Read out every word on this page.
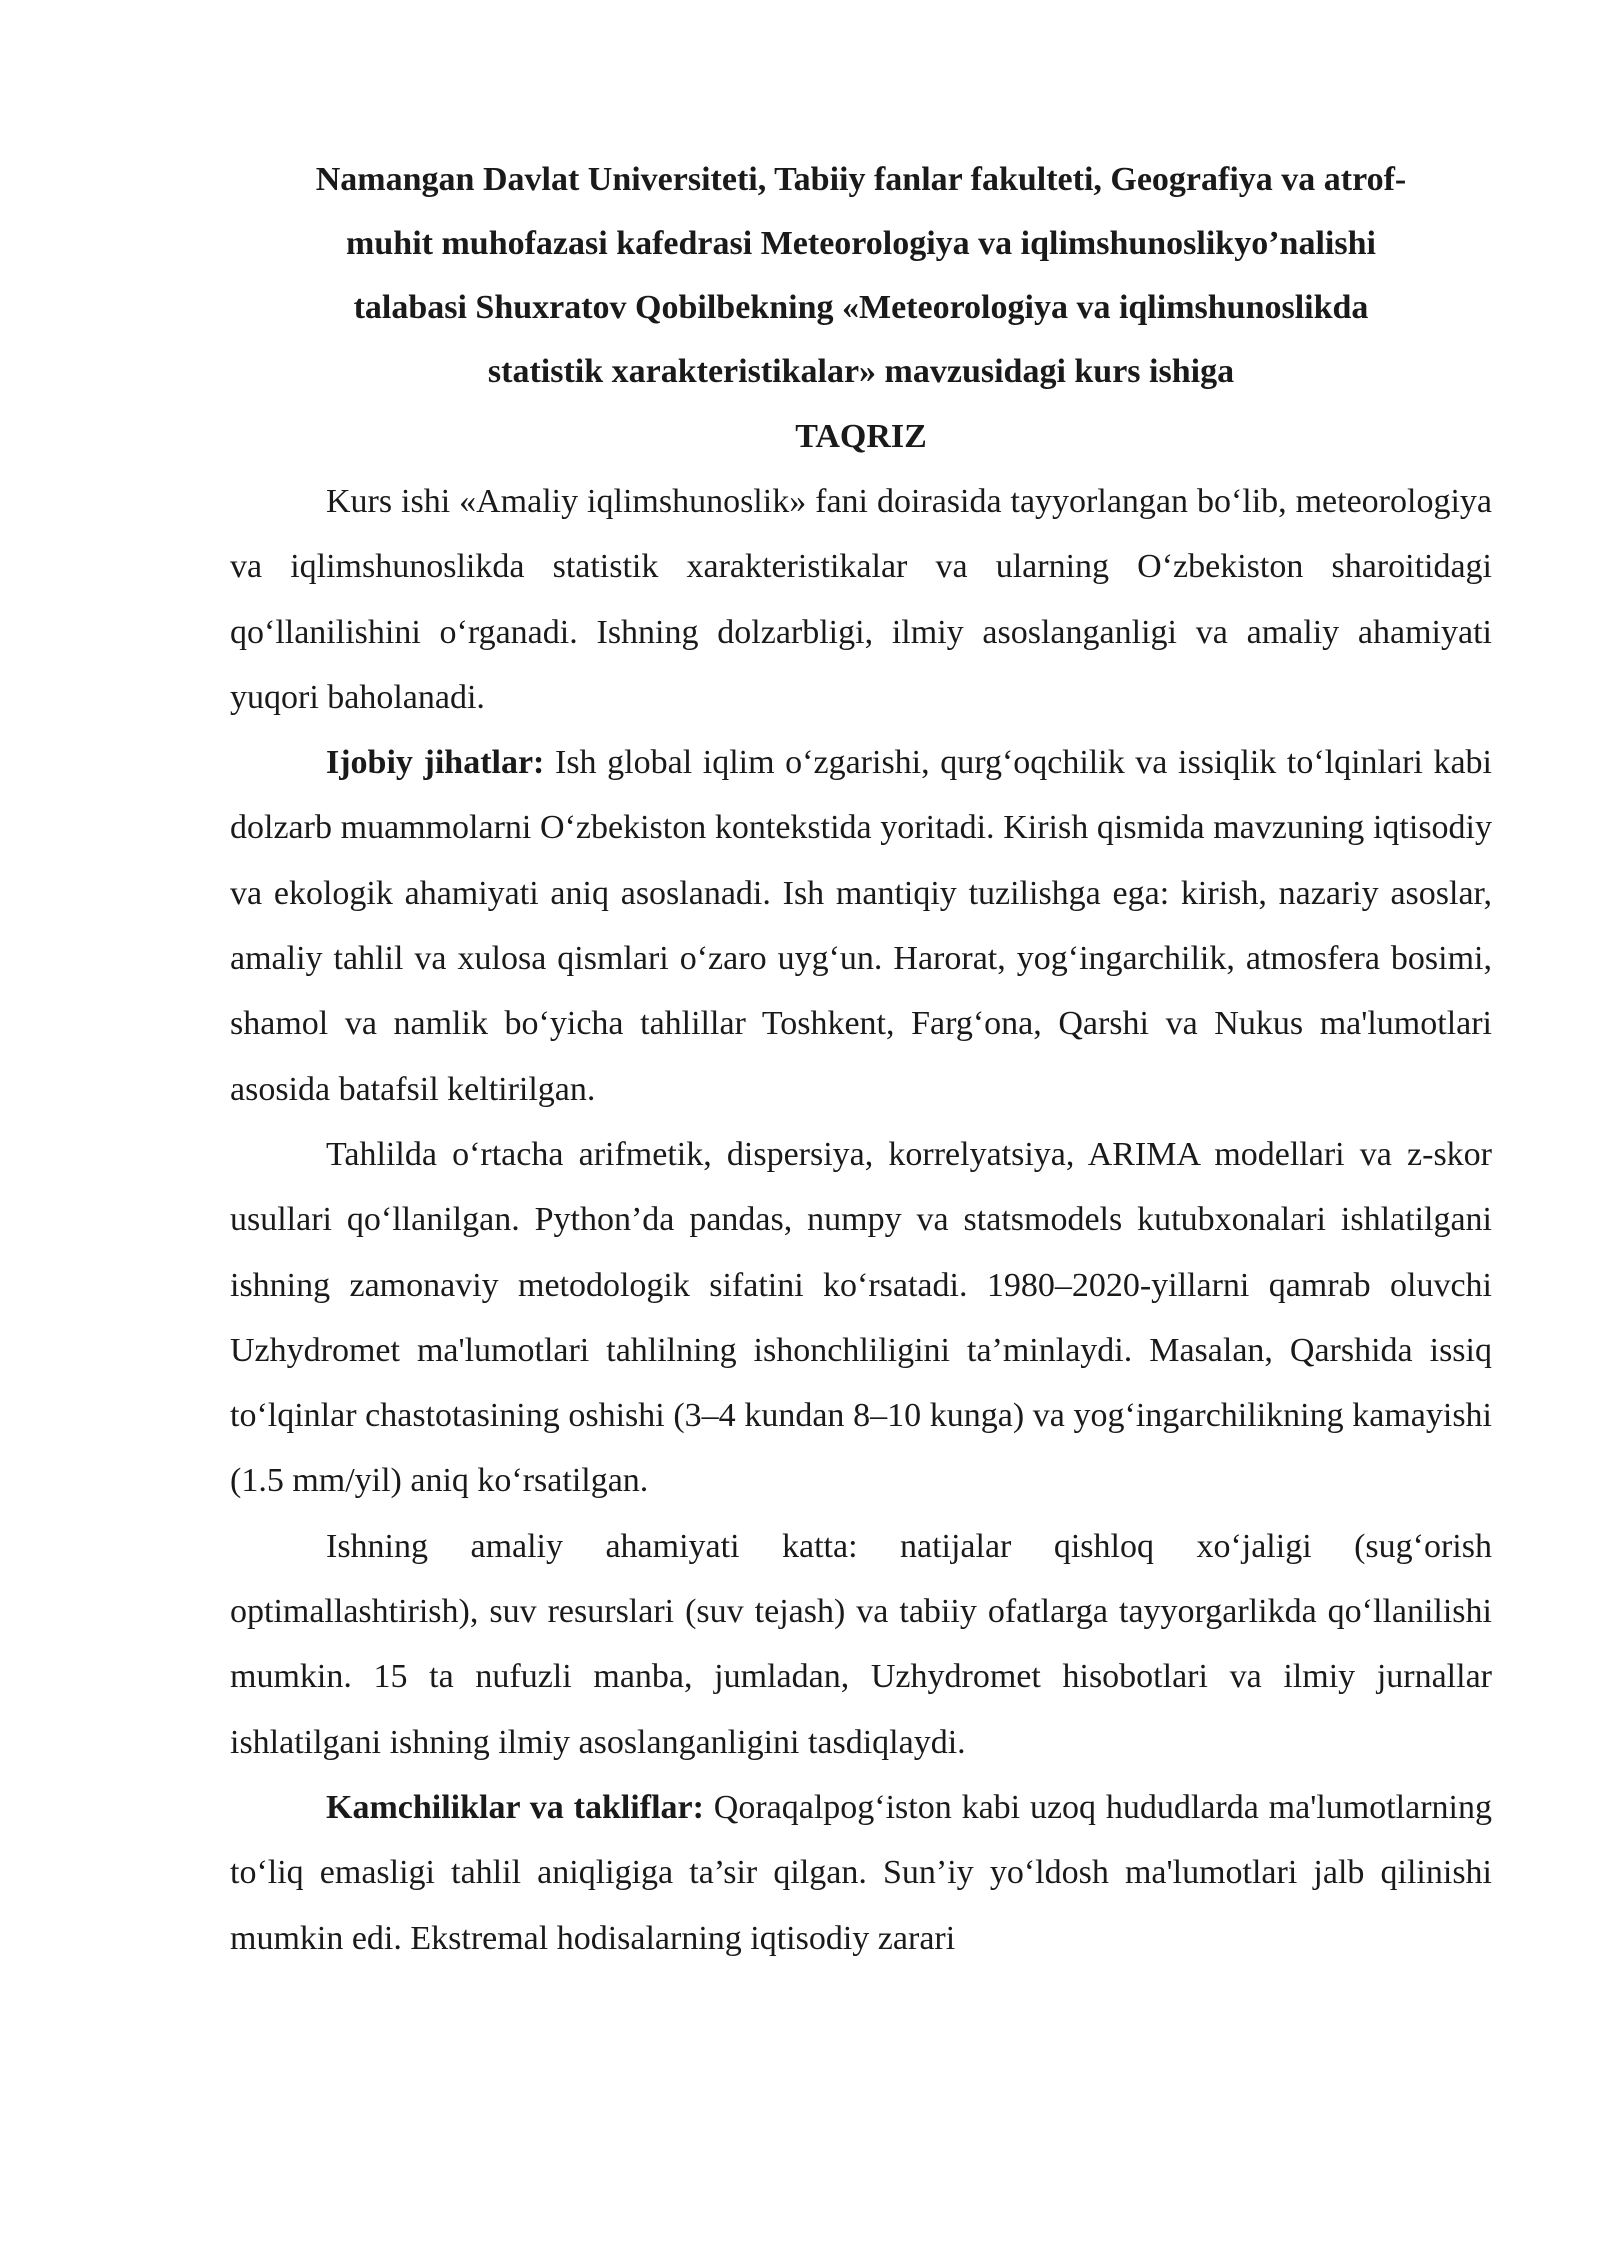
Namangan Davlat Universiteti, Tabiiy fanlar fakulteti, Geografiya va atrof-
muhit muhofazasi kafedrasi Meteorologiya va iqlimshunoslikyo’nalishi
talabasi Shuxratov Qobilbekning «Meteorologiya va iqlimshunoslikda
statistik xarakteristikalar» mavzusidagi kurs ishiga
TAQRIZ

Kurs ishi «Amaliy iqlimshunoslik» fani doirasida tayyorlangan bo‘lib, meteorologiya va iqlimshunoslikda statistik xarakteristikalar va ularning O‘zbekiston sharoitidagi qo‘llanilishini o‘rganadi. Ishning dolzarbligi, ilmiy asoslanganligi va amaliy ahamiyati yuqori baholanadi.

Ijobiy jihatlar: Ish global iqlim o‘zgarishi, qurg‘oqchilik va issiqlik to‘lqinlari kabi dolzarb muammolarni O‘zbekiston kontekstida yoritadi. Kirish qismida mavzuning iqtisodiy va ekologik ahamiyati aniq asoslanadi. Ish mantiqiy tuzilishga ega: kirish, nazariy asoslar, amaliy tahlil va xulosa qismlari o‘zaro uyg‘un. Harorat, yog‘ingarchilik, atmosfera bosimi, shamol va namlik bo‘yicha tahlillar Toshkent, Farg‘ona, Qarshi va Nukus ma'lumotlari asosida batafsil keltirilgan.

Tahlilda o‘rtacha arifmetik, dispersiya, korrelyatsiya, ARIMA modellari va z-skor usullari qo‘llanilgan. Python’da pandas, numpy va statsmodels kutubxonalari ishlatilgani ishning zamonaviy metodologik sifatini ko‘rsatadi. 1980–2020-yillarni qamrab oluvchi Uzhydromet ma'lumotlari tahlilning ishonchliligini ta’minlaydi. Masalan, Qarshida issiq to‘lqinlar chastotasining oshishi (3–4 kundan 8–10 kunga) va yog‘ingarchilikning kamayishi (1.5 mm/yil) aniq ko‘rsatilgan.

Ishning amaliy ahamiyati katta: natijalar qishloq xo‘jaligi (sug‘orish optimallashtirish), suv resurslari (suv tejash) va tabiiy ofatlarga tayyorgarlikda qo‘llanilishi mumkin. 15 ta nufuzli manba, jumladan, Uzhydromet hisobotlari va ilmiy jurnallar ishlatilgani ishning ilmiy asoslanganligini tasdiqlaydi.

Kamchiliklar va takliflar: Qoraqalpog‘iston kabi uzoq hududlarda ma'lumotlarning to‘liq emasligi tahlil aniqligiga ta’sir qilgan. Sun’iy yo‘ldosh ma'lumotlari jalb qilinishi mumkin edi. Ekstremal hodisalarning iqtisodiy zarari
